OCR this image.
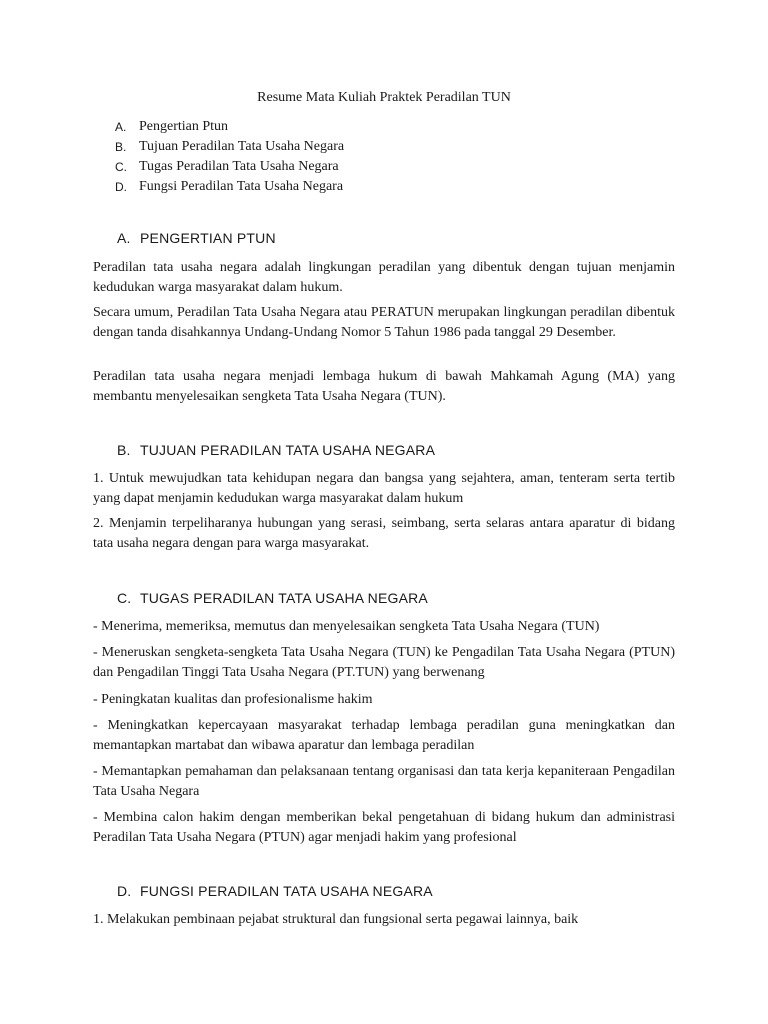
Resume Mata Kuliah Praktek Peradilan TUN
A. Pengertian Ptun
B. Tujuan Peradilan Tata Usaha Negara
C. Tugas Peradilan Tata Usaha Negara
D. Fungsi Peradilan Tata Usaha Negara
A. PENGERTIAN PTUN

Peradilan tata usaha negara adalah lingkungan peradilan yang dibentuk dengan tujuan menjamin kedudukan warga masyarakat dalam hukum.

Secara umum, Peradilan Tata Usaha Negara atau PERATUN merupakan lingkungan peradilan dibentuk dengan tanda disahkannya Undang-Undang Nomor 5 Tahun 1986 pada tanggal 29 Desember.

Peradilan tata usaha negara menjadi lembaga hukum di bawah Mahkamah Agung (MA) yang membantu menyelesaikan sengketa Tata Usaha Negara (TUN).

B. TUJUAN PERADILAN TATA USAHA NEGARA

1. Untuk mewujudkan tata kehidupan negara dan bangsa yang sejahtera, aman, tenteram serta tertib yang dapat menjamin kedudukan warga masyarakat dalam hukum

2. Menjamin terpeliharanya hubungan yang serasi, seimbang, serta selaras antara aparatur di bidang tata usaha negara dengan para warga masyarakat.

C. TUGAS PERADILAN TATA USAHA NEGARA

- Menerima, memeriksa, memutus dan menyelesaikan sengketa Tata Usaha Negara (TUN)

- Meneruskan sengketa-sengketa Tata Usaha Negara (TUN) ke Pengadilan Tata Usaha Negara (PTUN) dan Pengadilan Tinggi Tata Usaha Negara (PT.TUN) yang berwenang

- Peningkatan kualitas dan profesionalisme hakim

- Meningkatkan kepercayaan masyarakat terhadap lembaga peradilan guna meningkatkan dan memantapkan martabat dan wibawa aparatur dan lembaga peradilan

- Memantapkan pemahaman dan pelaksanaan tentang organisasi dan tata kerja kepaniteraan Pengadilan Tata Usaha Negara

- Membina calon hakim dengan memberikan bekal pengetahuan di bidang hukum dan administrasi Peradilan Tata Usaha Negara (PTUN) agar menjadi hakim yang profesional

D. FUNGSI PERADILAN TATA USAHA NEGARA

1. Melakukan pembinaan pejabat struktural dan fungsional serta pegawai lainnya, baik
